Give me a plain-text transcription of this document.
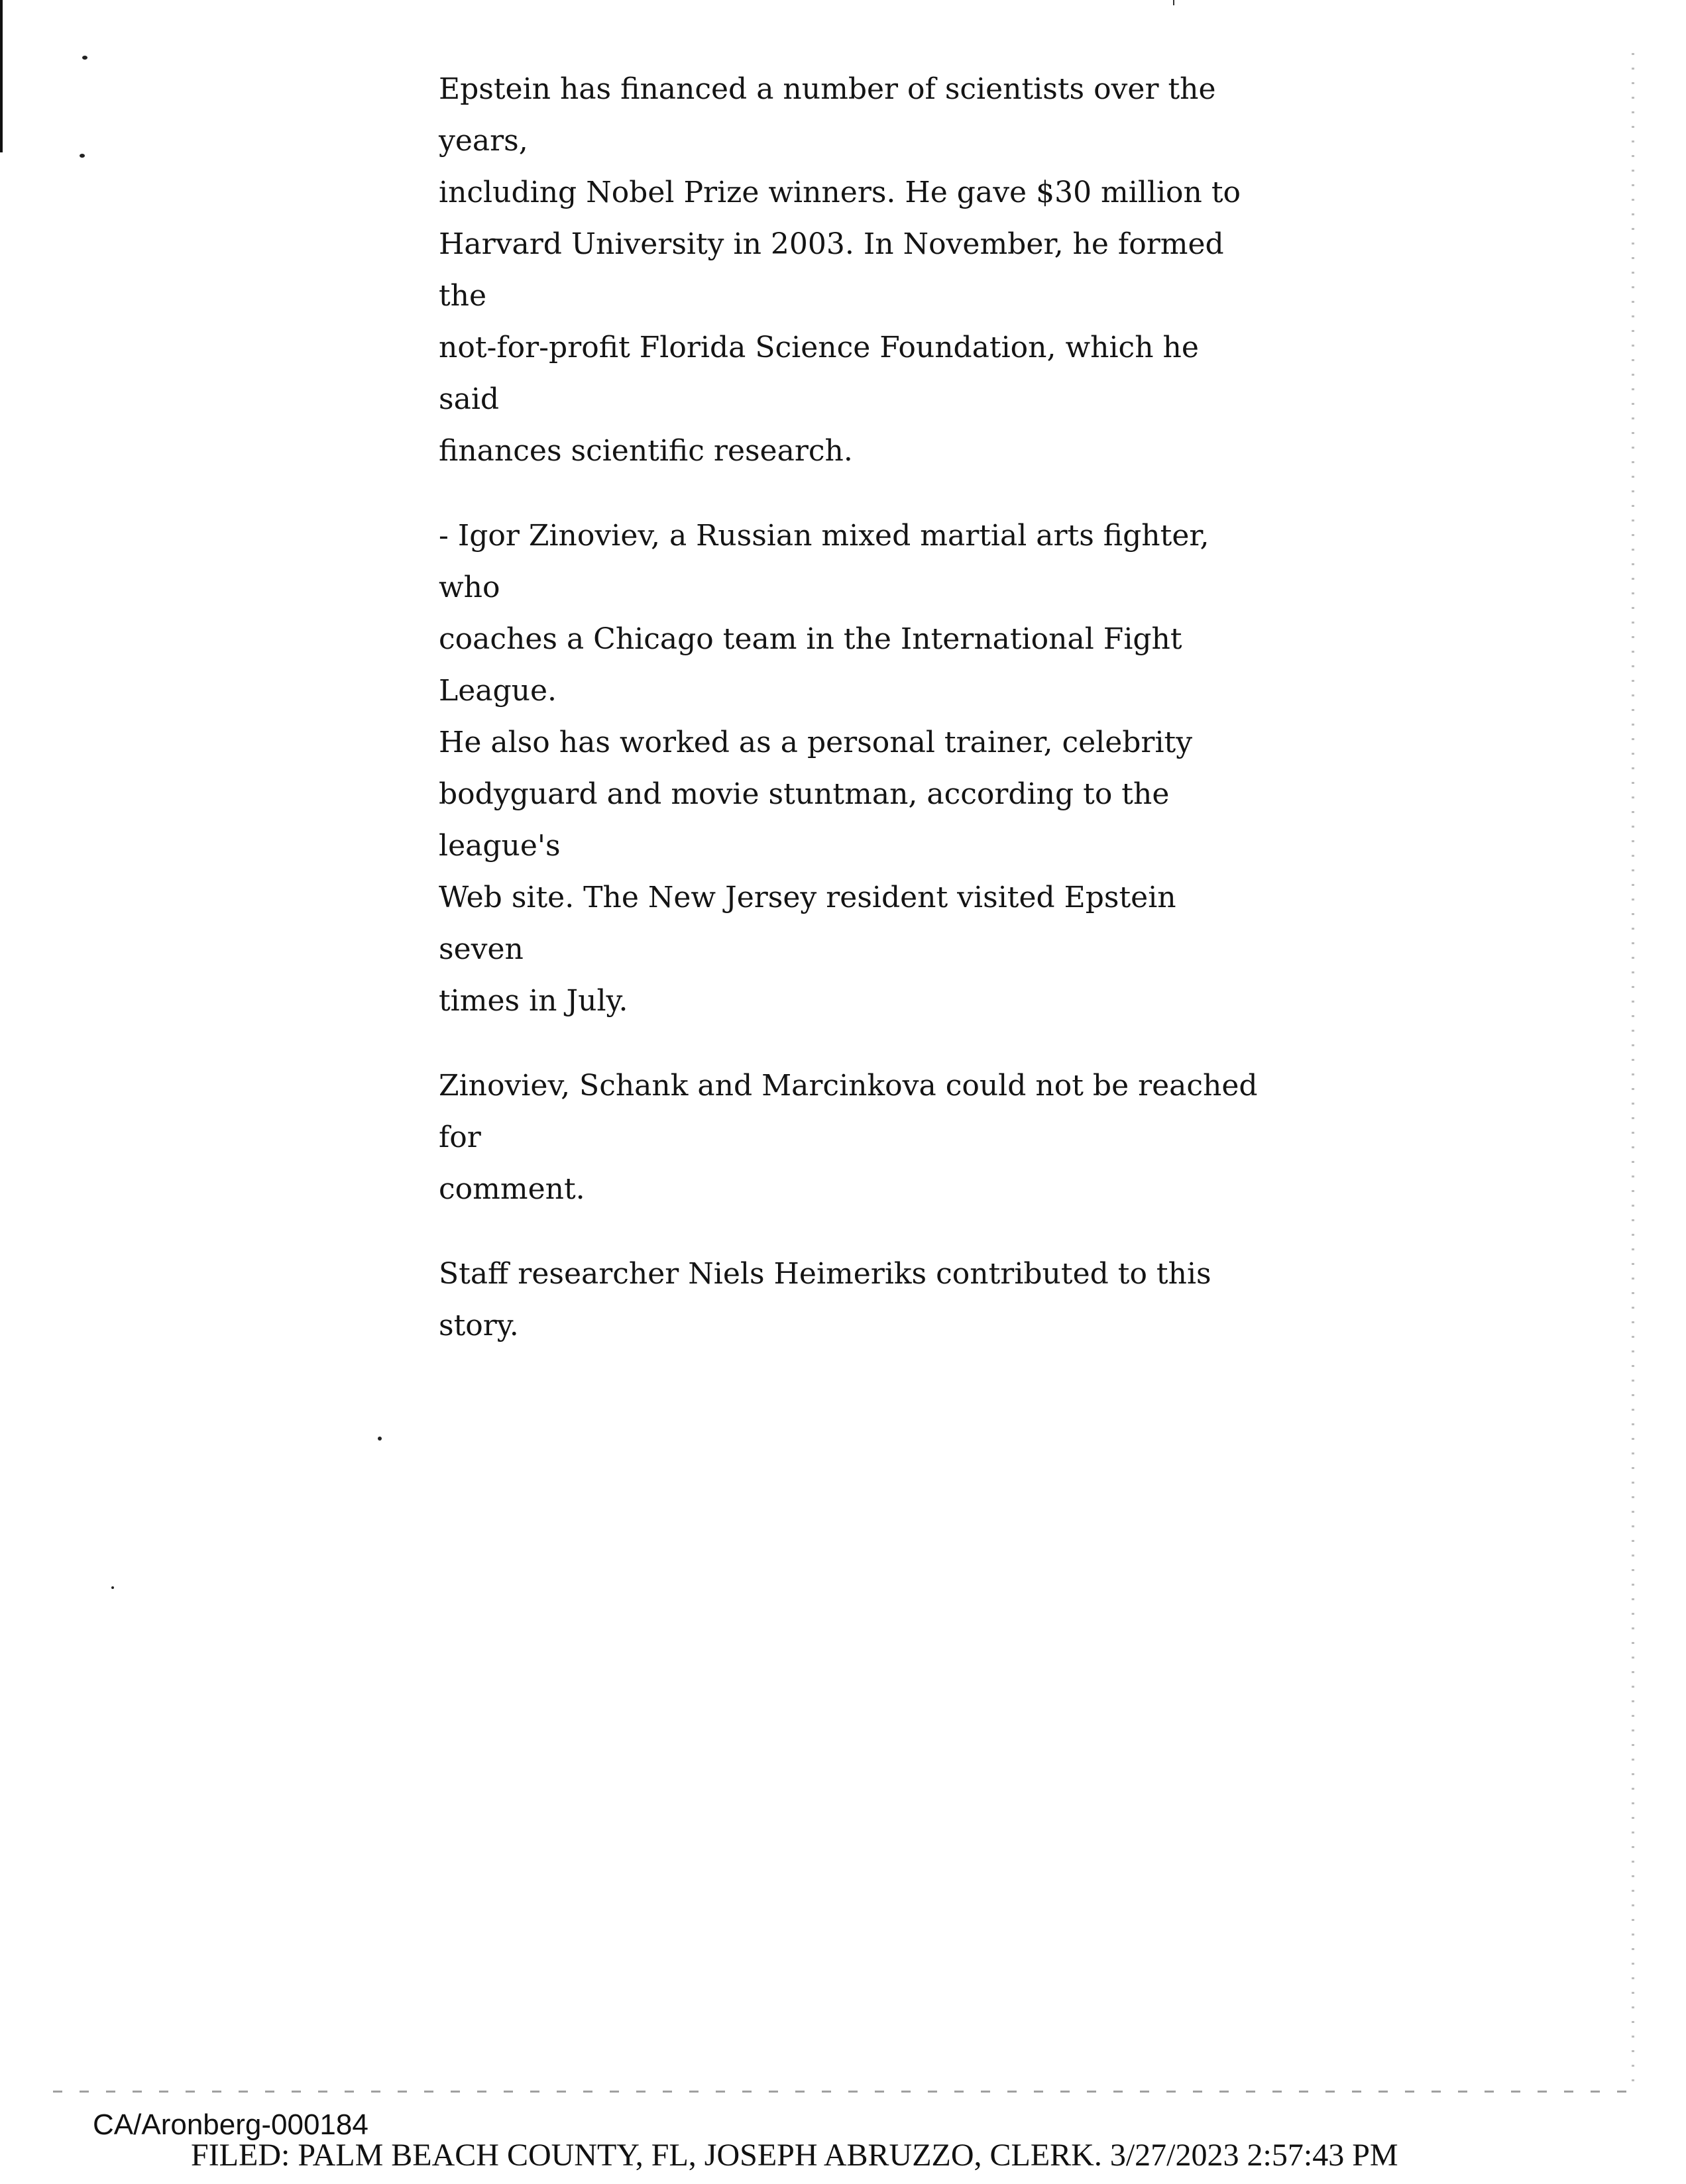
Epstein has financed a number of scientists over the years,
including Nobel Prize winners. He gave $30 million to
Harvard University in 2003. In November, he formed the
not-for-profit Florida Science Foundation, which he said
finances scientific research.

- Igor Zinoviev, a Russian mixed martial arts fighter, who
coaches a Chicago team in the International Fight League.
He also has worked as a personal trainer, celebrity
bodyguard and movie stuntman, according to the league's
Web site. The New Jersey resident visited Epstein seven
times in July.

Zinoviev, Schank and Marcinkova could not be reached for
comment.

Staff researcher Niels Heimeriks contributed to this story.

CA/Aronberg-000184
FILED: PALM BEACH COUNTY, FL, JOSEPH ABRUZZO, CLERK. 3/27/2023 2:57:43 PM
